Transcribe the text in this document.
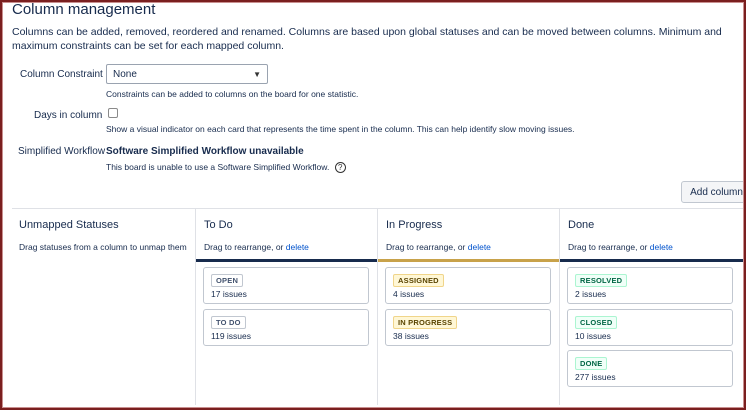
Column management

Columns can be added, removed, reordered and renamed. Columns are based upon global statuses and can be moved between columns. Minimum and maximum constraints can be set for each mapped column.

Column Constraint None	▼
Constraints can be added to columns on the board for one statistic.
Days in column
Show a visual indicator on each card that represents the time spent in the column. This can help identify slow moving issues.
Simplified Workflow Software Simplified Workflow unavailable
This board is unable to use a Software Simplified Workflow. ?
Add column
Unmapped Statuses
Drag statuses from a column to unmap them
To Do
Drag to rearrange, or delete
OPEN
17 issues
TO DO
119 issues
In Progress
Drag to rearrange, or delete
ASSIGNED
4 issues
IN PROGRESS
38 issues
Done
Drag to rearrange, or delete
RESOLVED
2 issues
CLOSED
10 issues
DONE
277 issues
